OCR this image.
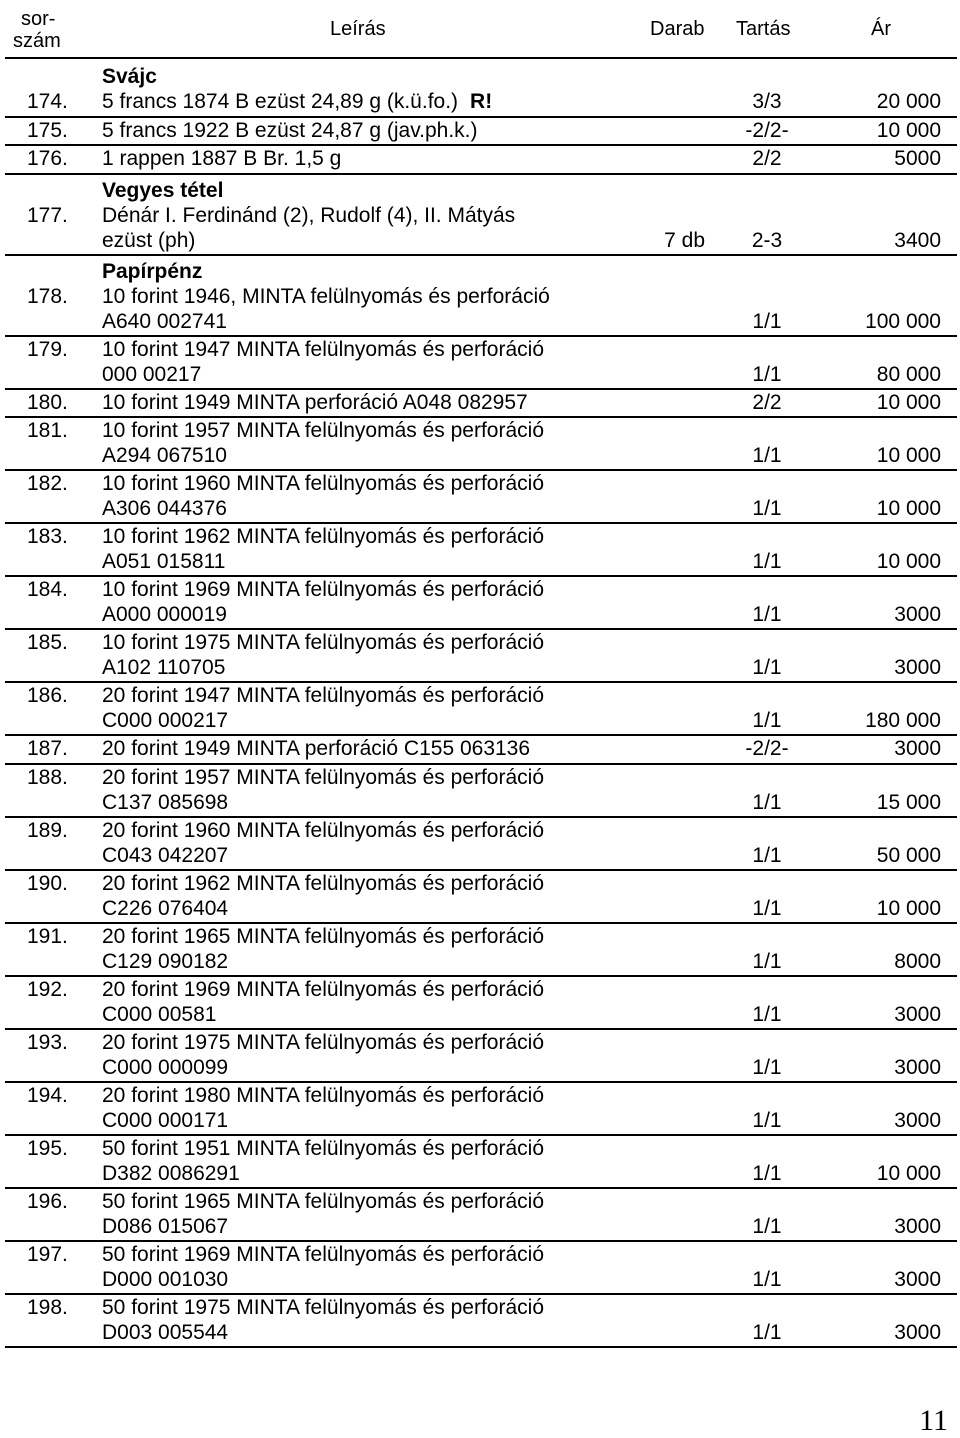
sor-
szám
Leírás	Darab Tartás	Ár
Svájc
174. 5 francs 1874 B ezüst 24,89 g (k.ü.fo.) R!	3/3	20 000
175. 5 francs 1922 B ezüst 24,87 g (jav.ph.k.)	-2/2-	10 000
176. 1 rappen 1887 B Br. 1,5 g	2/2	5000
Vegyes tétel
177. Dénár I. Ferdinánd (2), Rudolf (4), II. Mátyás
ezüst (ph)	7 db	2-3	3400
Papírpénz
178. 10 forint 1946, MINTA felülnyomás és perforáció
A640 002741	1/1	100 000
179. 10 forint 1947 MINTA felülnyomás és perforáció
000 00217	1/1	80 000
180. 10 forint 1949 MINTA perforáció A048 082957	2/2	10 000
181. 10 forint 1957 MINTA felülnyomás és perforáció
A294 067510	1/1	10 000
182. 10 forint 1960 MINTA felülnyomás és perforáció
A306 044376	1/1	10 000
183. 10 forint 1962 MINTA felülnyomás és perforáció
A051 015811	1/1	10 000
184. 10 forint 1969 MINTA felülnyomás és perforáció
A000 000019	1/1	3000
185. 10 forint 1975 MINTA felülnyomás és perforáció
A102 110705	1/1	3000
186. 20 forint 1947 MINTA felülnyomás és perforáció
C000 000217	1/1	180 000
187. 20 forint 1949 MINTA perforáció C155 063136	-2/2-	3000
188. 20 forint 1957 MINTA felülnyomás és perforáció
C137 085698	1/1	15 000
189. 20 forint 1960 MINTA felülnyomás és perforáció
C043 042207	1/1	50 000
190. 20 forint 1962 MINTA felülnyomás és perforáció
C226 076404	1/1	10 000
191. 20 forint 1965 MINTA felülnyomás és perforáció
C129 090182	1/1	8000
192. 20 forint 1969 MINTA felülnyomás és perforáció
C000 00581	1/1	3000
193. 20 forint 1975 MINTA felülnyomás és perforáció
C000 000099	1/1	3000
194. 20 forint 1980 MINTA felülnyomás és perforáció
C000 000171	1/1	3000
195. 50 forint 1951 MINTA felülnyomás és perforáció
D382 0086291	1/1	10 000
196. 50 forint 1965 MINTA felülnyomás és perforáció
D086 015067	1/1	3000
197. 50 forint 1969 MINTA felülnyomás és perforáció
D000 001030	1/1	3000
198. 50 forint 1975 MINTA felülnyomás és perforáció
D003 005544	1/1	3000
11
